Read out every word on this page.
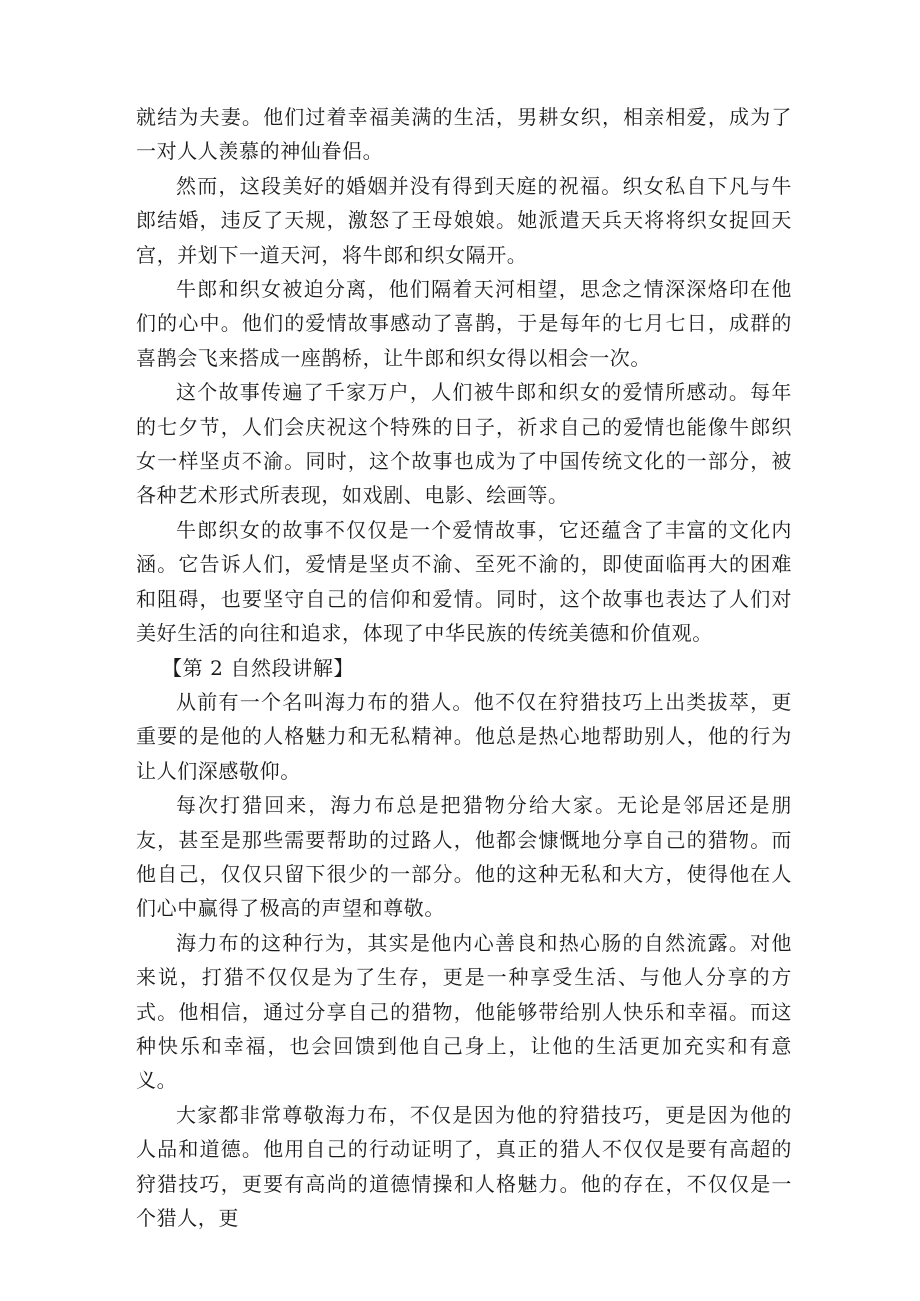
就结为夫妻。他们过着幸福美满的生活，男耕女织，相亲相爱，成为了一对人人羡慕的神仙眷侣。

然而，这段美好的婚姻并没有得到天庭的祝福。织女私自下凡与牛郎结婚，违反了天规，激怒了王母娘娘。她派遣天兵天将将织女捉回天宫，并划下一道天河，将牛郎和织女隔开。

牛郎和织女被迫分离，他们隔着天河相望，思念之情深深烙印在他们的心中。他们的爱情故事感动了喜鹊，于是每年的七月七日，成群的喜鹊会飞来搭成一座鹊桥，让牛郎和织女得以相会一次。

这个故事传遍了千家万户，人们被牛郎和织女的爱情所感动。每年的七夕节，人们会庆祝这个特殊的日子，祈求自己的爱情也能像牛郎织女一样坚贞不渝。同时，这个故事也成为了中国传统文化的一部分，被各种艺术形式所表现，如戏剧、电影、绘画等。

牛郎织女的故事不仅仅是一个爱情故事，它还蕴含了丰富的文化内涵。它告诉人们，爱情是坚贞不渝、至死不渝的，即使面临再大的困难和阻碍，也要坚守自己的信仰和爱情。同时，这个故事也表达了人们对美好生活的向往和追求，体现了中华民族的传统美德和价值观。

【第 2 自然段讲解】

从前有一个名叫海力布的猎人。他不仅在狩猎技巧上出类拔萃，更重要的是他的人格魅力和无私精神。他总是热心地帮助别人，他的行为让人们深感敬仰。

每次打猎回来，海力布总是把猎物分给大家。无论是邻居还是朋友，甚至是那些需要帮助的过路人，他都会慷慨地分享自己的猎物。而他自己，仅仅只留下很少的一部分。他的这种无私和大方，使得他在人们心中赢得了极高的声望和尊敬。

海力布的这种行为，其实是他内心善良和热心肠的自然流露。对他来说，打猎不仅仅是为了生存，更是一种享受生活、与他人分享的方式。他相信，通过分享自己的猎物，他能够带给别人快乐和幸福。而这种快乐和幸福，也会回馈到他自己身上，让他的生活更加充实和有意义。

大家都非常尊敬海力布，不仅是因为他的狩猎技巧，更是因为他的人品和道德。他用自己的行动证明了，真正的猎人不仅仅是要有高超的狩猎技巧，更要有高尚的道德情操和人格魅力。他的存在，不仅仅是一个猎人，更
